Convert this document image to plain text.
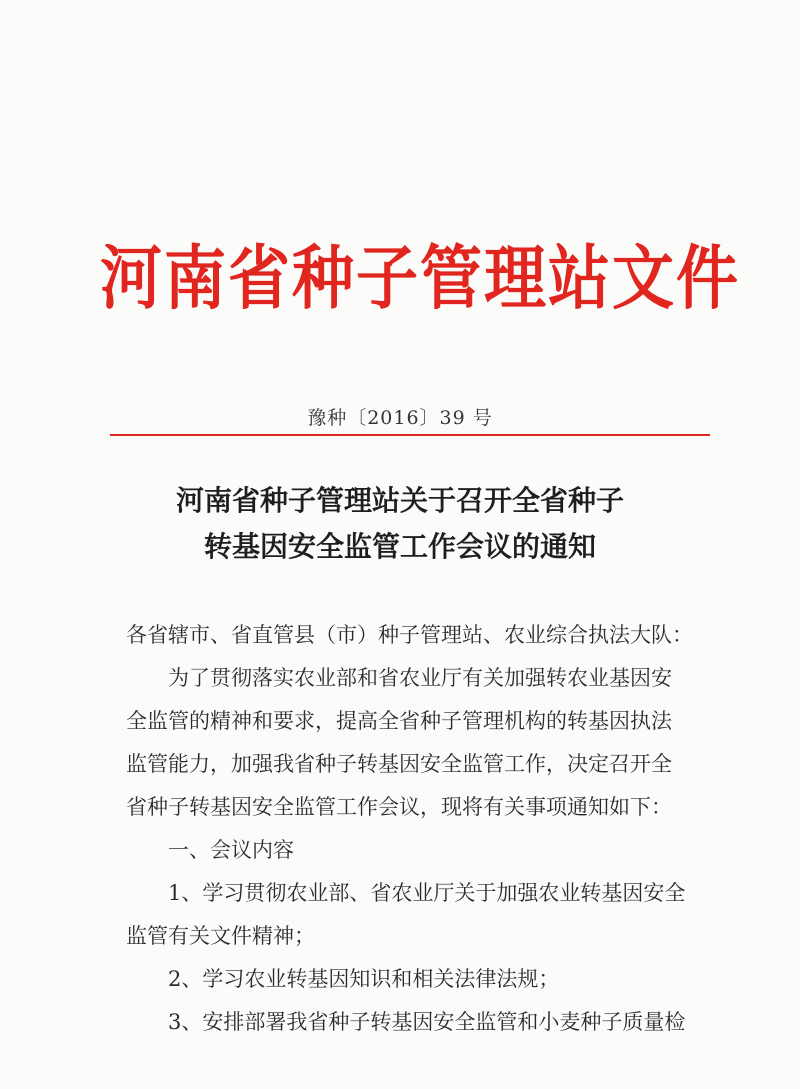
河南省种子管理站文件
豫种〔2016〕39 号
河南省种子管理站关于召开全省种子
转基因安全监管工作会议的通知

各省辖市、省直管县（市）种子管理站、农业综合执法大队：

为了贯彻落实农业部和省农业厅有关加强转农业基因安

全监管的精神和要求，提高全省种子管理机构的转基因执法

监管能力，加强我省种子转基因安全监管工作，决定召开全

省种子转基因安全监管工作会议，现将有关事项通知如下：

一、会议内容

1、学习贯彻农业部、省农业厅关于加强农业转基因安全

监管有关文件精神；

2、学习农业转基因知识和相关法律法规；

3、安排部署我省种子转基因安全监管和小麦种子质量检
